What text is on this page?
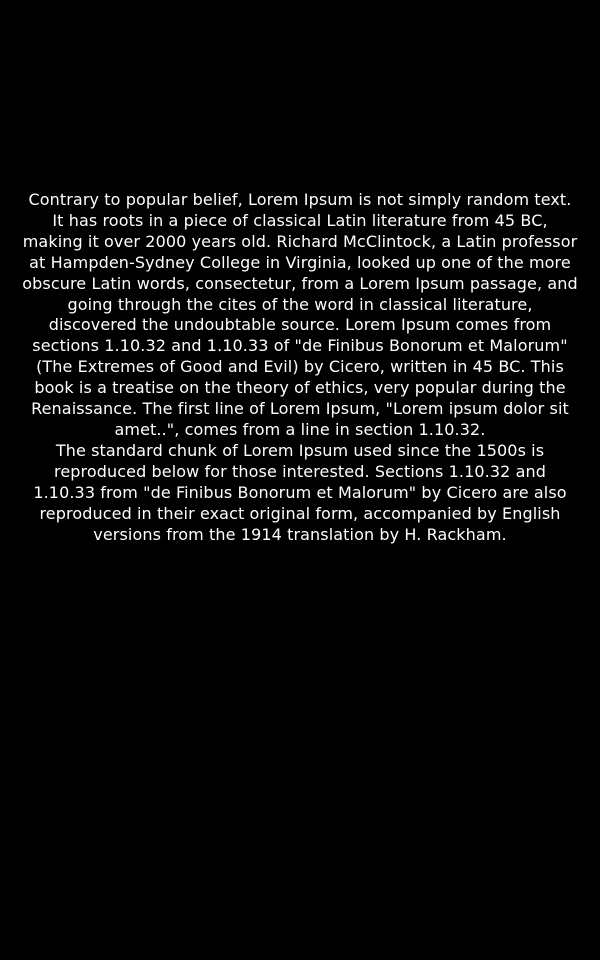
Contrary to popular belief, Lorem Ipsum is not simply random text. It has roots in a piece of classical Latin literature from 45 BC, making it over 2000 years old. Richard McClintock, a Latin professor at Hampden-Sydney College in Virginia, looked up one of the more obscure Latin words, consectetur, from a Lorem Ipsum passage, and going through the cites of the word in classical literature, discovered the undoubtable source. Lorem Ipsum comes from sections 1.10.32 and 1.10.33 of "de Finibus Bonorum et Malorum" (The Extremes of Good and Evil) by Cicero, written in 45 BC. This book is a treatise on the theory of ethics, very popular during the Renaissance. The first line of Lorem Ipsum, "Lorem ipsum dolor sit amet..", comes from a line in section 1.10.32.

The standard chunk of Lorem Ipsum used since the 1500s is reproduced below for those interested. Sections 1.10.32 and 1.10.33 from "de Finibus Bonorum et Malorum" by Cicero are also reproduced in their exact original form, accompanied by English versions from the 1914 translation by H. Rackham.
